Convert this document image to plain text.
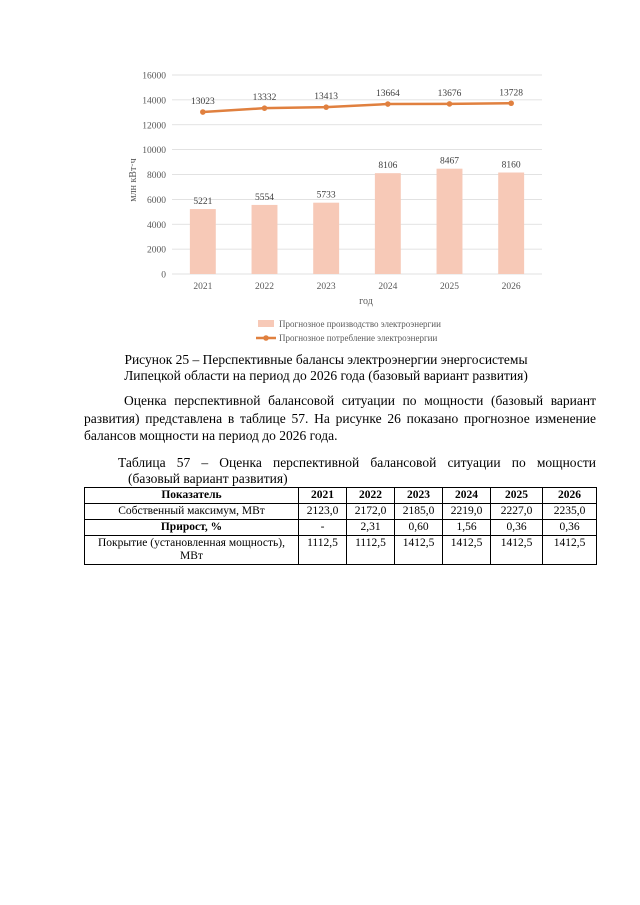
0
2000
4000
6000
8000
10000
12000
14000
16000
5221	5554	5733
8106	8467	8160
13023	13332	13413	13664	13676	13728
2021	2022	2023	2024	2025	2026
млн кВт·ч
год
Прогнозное производство электроэнергии
Прогнозное потребление электроэнергии
Рисунок 25 – Перспективные балансы электроэнергии энергосистемы Липецкой области на период до 2026 года (базовый вариант развития)
Оценка перспективной балансовой ситуации по мощности (базовый вариант развития) представлена в таблице 57. На рисунке 26 показано прогнозное изменение балансов мощности на период до 2026 года.
Таблица 57 – Оценка перспективной балансовой ситуации по мощности
(базовый вариант развития)
Показатель	2021	2022	2023	2024	2025	2026
Собственный максимум, МВт	2123,0	2172,0	2185,0	2219,0	2227,0	2235,0
Прирост, %	-	2,31	0,60	1,56	0,36	0,36
Покрытие (установленная мощность), МВт	1112,5	1112,5	1412,5	1412,5	1412,5	1412,5
